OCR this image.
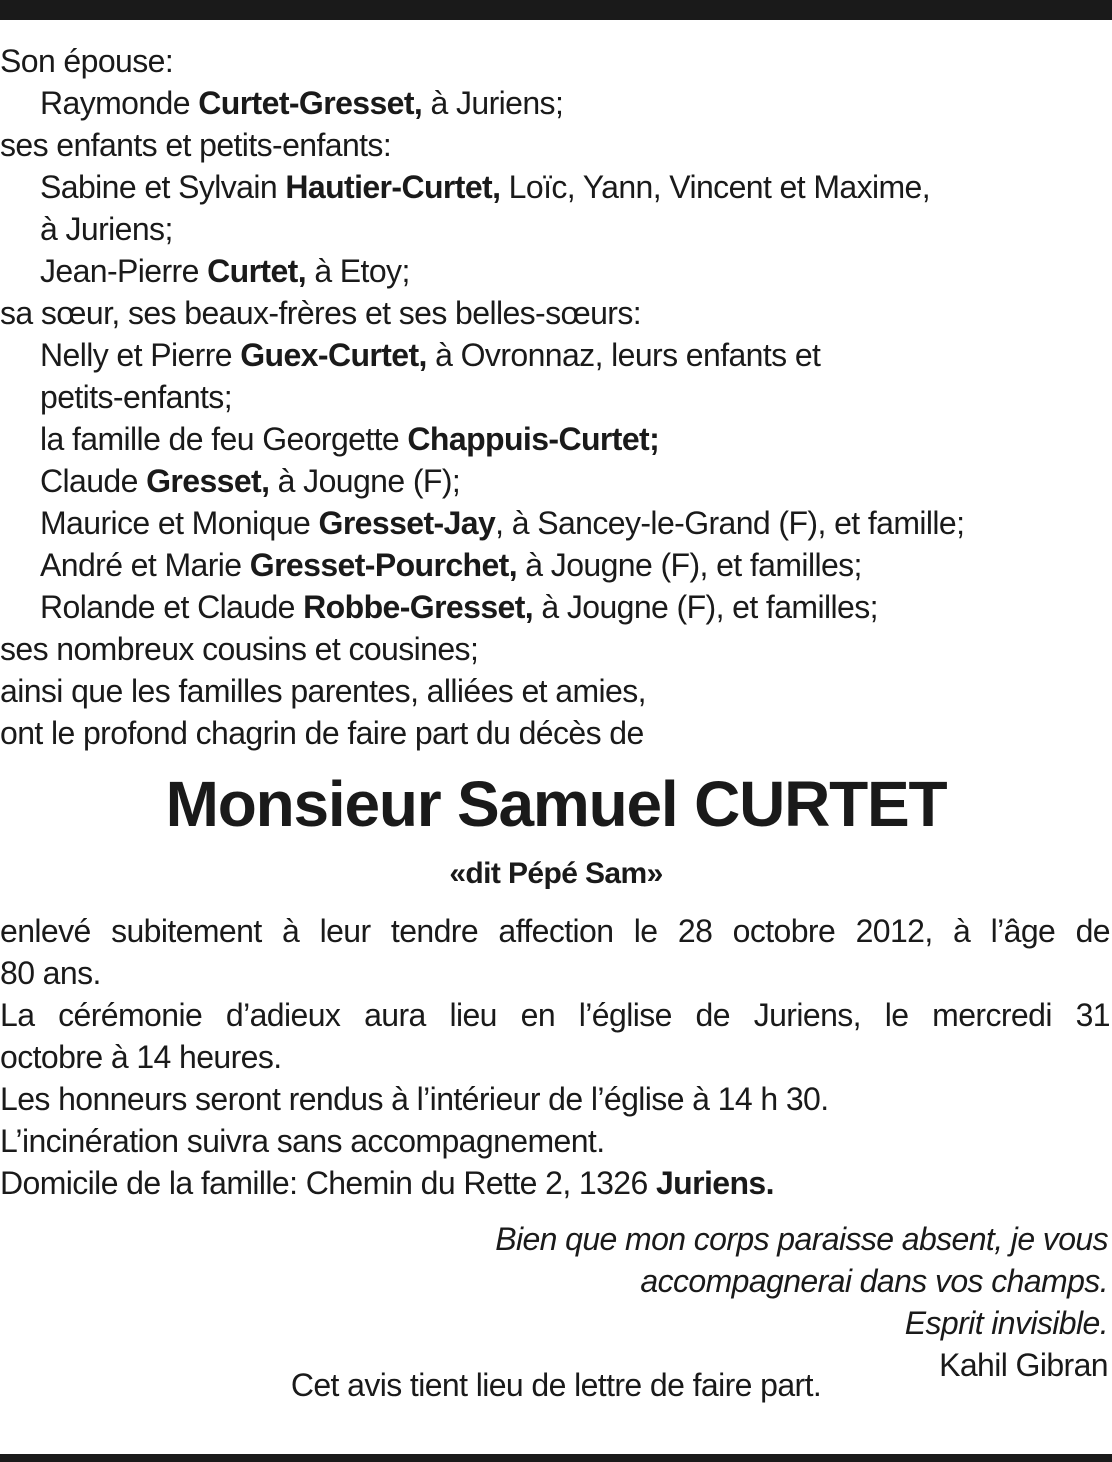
Son épouse:
Raymonde Curtet-Gresset, à Juriens;
ses enfants et petits-enfants:
Sabine et Sylvain Hautier-Curtet, Loïc, Yann, Vincent et Maxime,
à Juriens;
Jean-Pierre Curtet, à Etoy;
sa sœur, ses beaux-frères et ses belles-sœurs:
Nelly et Pierre Guex-Curtet, à Ovronnaz, leurs enfants et
petits-enfants;
la famille de feu Georgette Chappuis-Curtet;
Claude Gresset, à Jougne (F);
Maurice et Monique Gresset-Jay, à Sancey-le-Grand (F), et famille;
André et Marie Gresset-Pourchet, à Jougne (F), et familles;
Rolande et Claude Robbe-Gresset, à Jougne (F), et familles;
ses nombreux cousins et cousines;
ainsi que les familles parentes, alliées et amies,
ont le profond chagrin de faire part du décès de
Monsieur Samuel CURTET
«dit Pépé Sam»
enlevé subitement à leur tendre affection le 28 octobre 2012, à l’âge de
80 ans.
La cérémonie d’adieux aura lieu en l’église de Juriens, le mercredi 31
octobre à 14 heures.
Les honneurs seront rendus à l’intérieur de l’église à 14 h 30.
L’incinération suivra sans accompagnement.
Domicile de la famille: Chemin du Rette 2, 1326 Juriens.
Bien que mon corps paraisse absent, je vous
accompagnerai dans vos champs.
Esprit invisible.
Kahil Gibran
Cet avis tient lieu de lettre de faire part.
